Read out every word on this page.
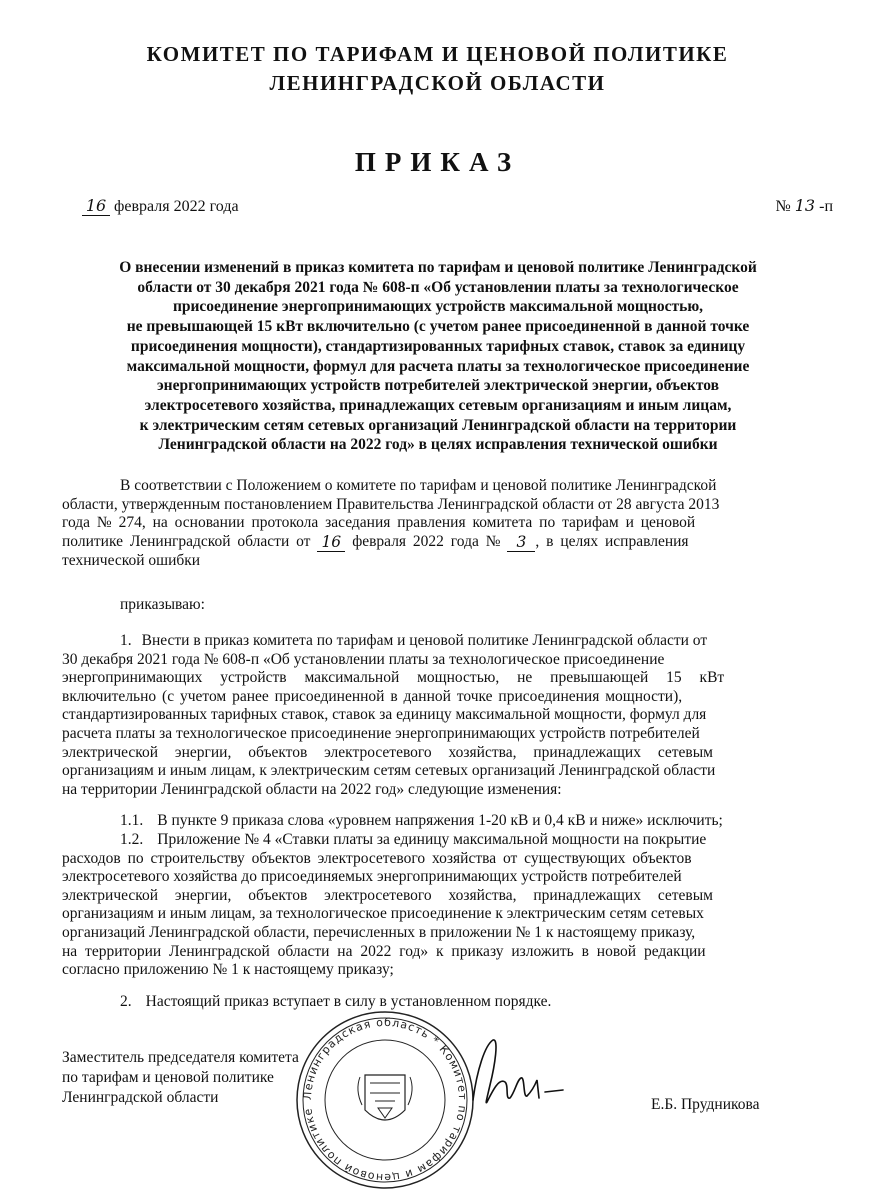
КОМИТЕТ ПО ТАРИФАМ И ЦЕНОВОЙ ПОЛИТИКЕ
ЛЕНИНГРАДСКОЙ ОБЛАСТИ
ПРИКАЗ
16 февраля 2022 года	№ 13 -п
О внесении изменений в приказ комитета по тарифам и ценовой политике Ленинградской
области от 30 декабря 2021 года № 608-п «Об установлении платы за технологическое
присоединение энергопринимающих устройств максимальной мощностью,
не превышающей 15 кВт включительно (с учетом ранее присоединенной в данной точке
присоединения мощности), стандартизированных тарифных ставок, ставок за единицу
максимальной мощности, формул для расчета платы за технологическое присоединение
энергопринимающих устройств потребителей электрической энергии, объектов
электросетевого хозяйства, принадлежащих сетевым организациям и иным лицам,
к электрическим сетям сетевых организаций Ленинградской области на территории
Ленинградской области на 2022 год» в целях исправления технической ошибки
В соответствии с Положением о комитете по тарифам и ценовой политике Ленинградской
области, утвержденным постановлением Правительства Ленинградской области от 28 августа 2013
года № 274, на основании протокола заседания правления комитета по тарифам и ценовой
политике Ленинградской области от
16
февраля 2022 года №
	3 , в целях исправления
технической ошибки
приказываю:
1. Внести в приказ комитета по тарифам и ценовой политике Ленинградской области от
30 декабря 2021 года № 608-п «Об установлении платы за технологическое присоединение
энергопринимающих устройств максимальной мощностью, не превышающей 15 кВт
включительно (с учетом ранее присоединенной в данной точке присоединения мощности),
стандартизированных тарифных ставок, ставок за единицу максимальной мощности, формул для
расчета платы за технологическое присоединение энергопринимающих устройств потребителей
электрической энергии, объектов электросетевого хозяйства, принадлежащих сетевым
организациям и иным лицам, к электрическим сетям сетевых организаций Ленинградской области
на территории Ленинградской области на 2022 год» следующие изменения:
1.1. В пункте 9 приказа слова «уровнем напряжения 1-20 кВ и 0,4 кВ и ниже» исключить;
1.2. Приложение № 4 «Ставки платы за единицу максимальной мощности на покрытие
расходов по строительству объектов электросетевого хозяйства от существующих объектов
электросетевого хозяйства до присоединяемых энергопринимающих устройств потребителей
электрической энергии, объектов электросетевого хозяйства, принадлежащих сетевым
организациям и иным лицам, за технологическое присоединение к электрическим сетям сетевых
организаций Ленинградской области, перечисленных в приложении № 1 к настоящему приказу,
на территории Ленинградской области на 2022 год» к приказу изложить в новой редакции
согласно приложению № 1 к настоящему приказу;
2. Настоящий приказ вступает в силу в установленном порядке.
Ленинградская область * Комитет по тарифам и ценовой политике
Заместитель председателя комитета
по тарифам и ценовой политике
Ленинградской области	Е.Б. Прудникова
